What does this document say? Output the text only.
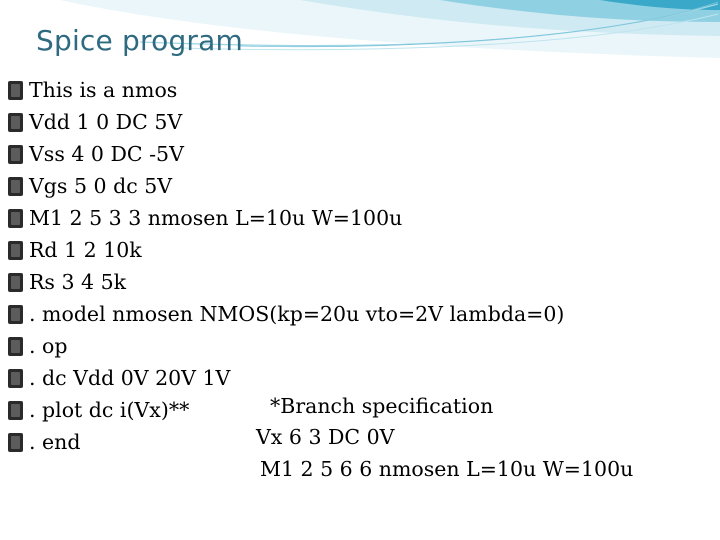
Spice program
This is a nmos
Vdd 1 0 DC 5V
Vss 4 0 DC -5V
Vgs 5 0 dc 5V
M1 2 5 3 3 nmosen L=10u W=100u
Rd 1 2 10k
Rs 3 4 5k
. model nmosen NMOS(kp=20u vto=2V lambda=0)
. op
. dc Vdd 0V 20V 1V
. plot dc i(Vx)**
. end
*Branch specification
Vx 6 3 DC 0V
M1 2 5 6 6 nmosen L=10u W=100u
